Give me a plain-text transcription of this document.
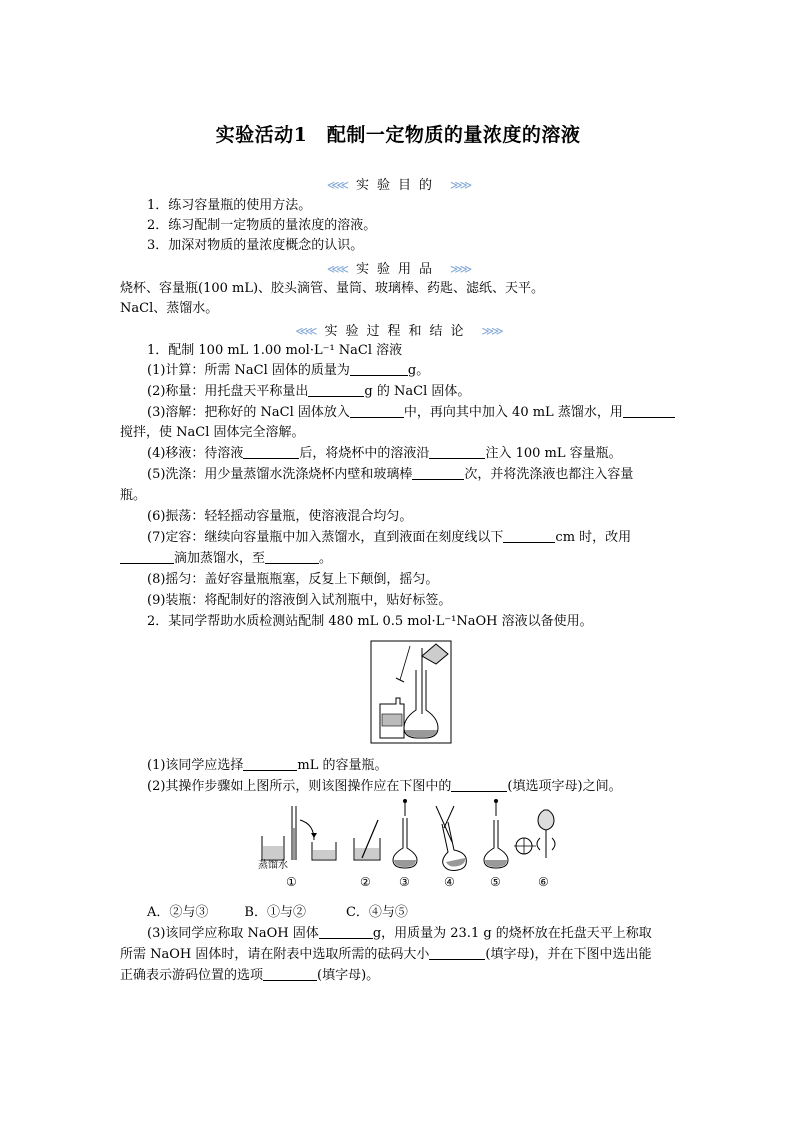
实验活动1　配制一定物质的量浓度的溶液
≪≪ 实验目的 ≫≫
1．练习容量瓶的使用方法。
2．练习配制一定物质的量浓度的溶液。
3．加深对物质的量浓度概念的认识。
≪≪ 实验用品 ≫≫
烧杯、容量瓶(100 mL)、胶头滴管、量筒、玻璃棒、药匙、滤纸、天平。
NaCl、蒸馏水。
≪≪ 实验过程和结论 ≫≫
1．配制 100 mL 1.00 mol·L⁻¹ NaCl 溶液
(1)计算：所需 NaCl 固体的质量为	g。
(2)称量：用托盘天平称量出	g 的 NaCl 固体。
(3)溶解：把称好的 NaCl 固体放入	中，再向其中加入 40 mL 蒸馏水，用
搅拌，使 NaCl 固体完全溶解。
(4)移液：待溶液	后，将烧杯中的溶液沿	注入 100 mL 容量瓶。
(5)洗涤：用少量蒸馏水洗涤烧杯内壁和玻璃棒	次，并将洗涤液也都注入容量
瓶。
(6)振荡：轻轻摇动容量瓶，使溶液混合均匀。
(7)定容：继续向容量瓶中加入蒸馏水，直到液面在刻度线以下	cm 时，改用
滴加蒸馏水，至	。
(8)摇匀：盖好容量瓶瓶塞，反复上下颠倒，摇匀。
(9)装瓶：将配制好的溶液倒入试剂瓶中，贴好标签。
2．某同学帮助水质检测站配制 480 mL 0.5 mol·L⁻¹NaOH 溶液以备使用。
(1)该同学应选择	mL 的容量瓶。
(2)其操作步骤如上图所示，则该图操作应在下图中的	(填选项字母)之间。
蒸馏水
①	② ③	④	⑤	⑥
A．②与③	B．①与②	C．④与⑤
(3)该同学应称取 NaOH 固体	g，用质量为 23.1 g 的烧杯放在托盘天平上称取
所需 NaOH 固体时，请在附表中选取所需的砝码大小	(填字母)，并在下图中选出能
正确表示游码位置的选项	(填字母)。
